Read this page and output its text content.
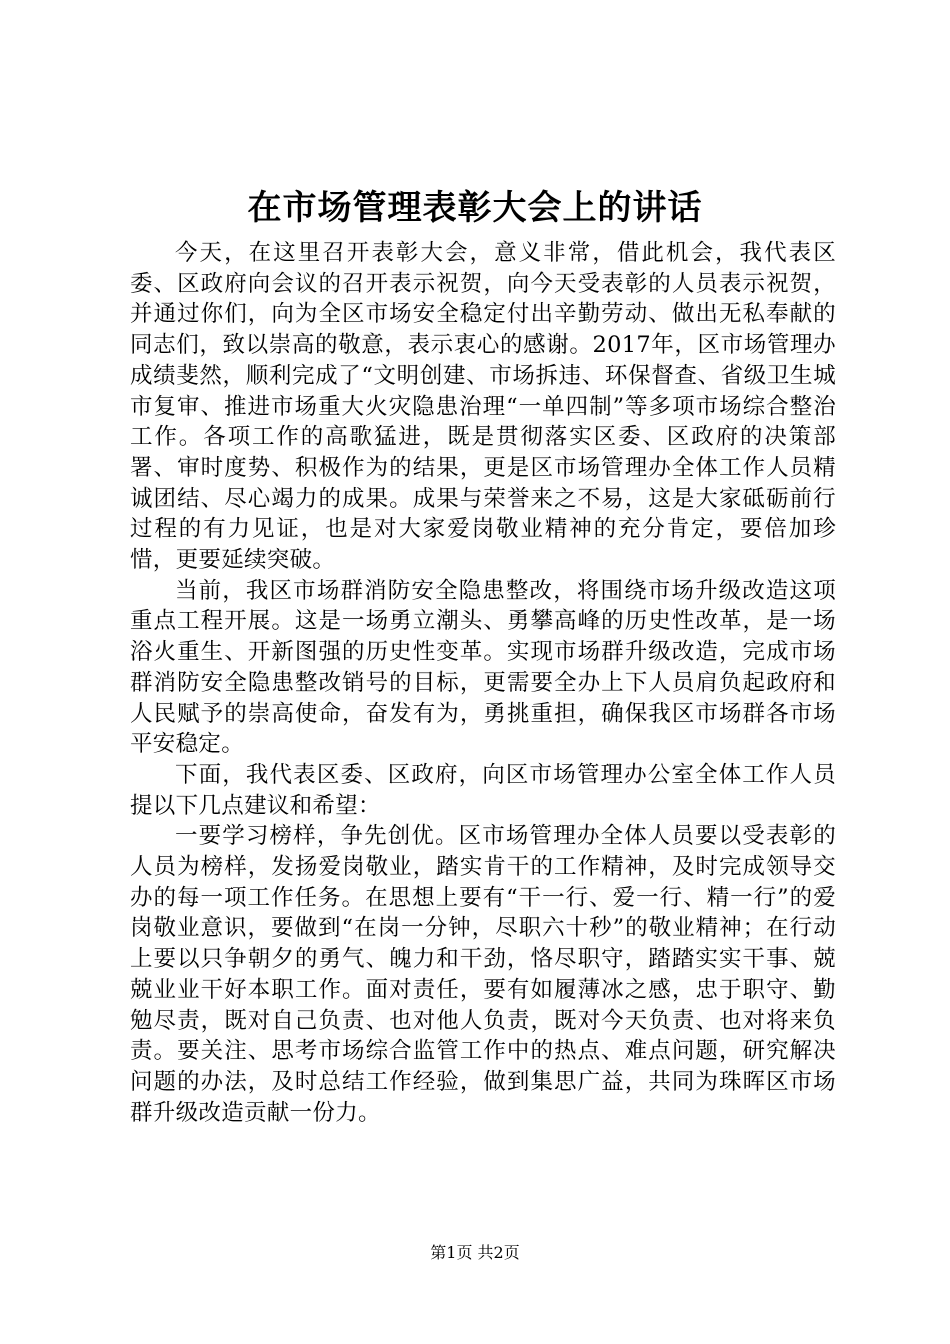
在市场管理表彰大会上的讲话

今天，在这里召开表彰大会，意义非常，借此机会，我代表区委、区政府向会议的召开表示祝贺，向今天受表彰的人员表示祝贺，并通过你们，向为全区市场安全稳定付出辛勤劳动、做出无私奉献的同志们，致以崇高的敬意，表示衷心的感谢。2017年，区市场管理办成绩斐然，顺利完成了“文明创建、市场拆违、环保督查、省级卫生城市复审、推进市场重大火灾隐患治理“一单四制”等多项市场综合整治工作。各项工作的高歌猛进，既是贯彻落实区委、区政府的决策部署、审时度势、积极作为的结果，更是区市场管理办全体工作人员精诚团结、尽心竭力的成果。成果与荣誉来之不易，这是大家砥砺前行过程的有力见证，也是对大家爱岗敬业精神的充分肯定，要倍加珍惜，更要延续突破。

当前，我区市场群消防安全隐患整改，将围绕市场升级改造这项重点工程开展。这是一场勇立潮头、勇攀高峰的历史性改革，是一场浴火重生、开新图强的历史性变革。实现市场群升级改造，完成市场群消防安全隐患整改销号的目标，更需要全办上下人员肩负起政府和人民赋予的崇高使命，奋发有为，勇挑重担，确保我区市场群各市场平安稳定。

下面，我代表区委、区政府，向区市场管理办公室全体工作人员提以下几点建议和希望：

一要学习榜样，争先创优。区市场管理办全体人员要以受表彰的人员为榜样，发扬爱岗敬业，踏实肯干的工作精神，及时完成领导交办的每一项工作任务。在思想上要有“干一行、爱一行、精一行”的爱岗敬业意识，要做到“在岗一分钟，尽职六十秒”的敬业精神；在行动上要以只争朝夕的勇气、魄力和干劲，恪尽职守，踏踏实实干事、兢兢业业干好本职工作。面对责任，要有如履薄冰之感，忠于职守、勤勉尽责，既对自己负责、也对他人负责，既对今天负责、也对将来负责。要关注、思考市场综合监管工作中的热点、难点问题，研究解决问题的办法，及时总结工作经验，做到集思广益，共同为珠晖区市场群升级改造贡献一份力。

第1页 共2页
